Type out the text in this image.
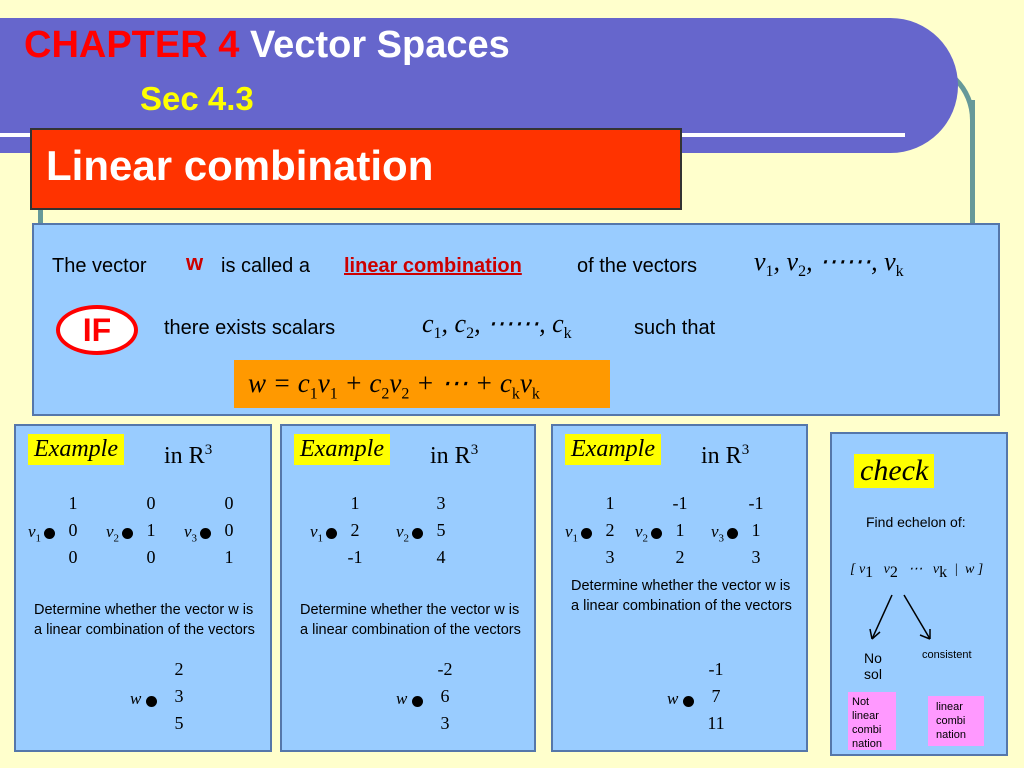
CHAPTER 4 Vector Spaces
Sec 4.3
Linear combination
The vector w is called a linear combination	of the vectors $v_1$, $v_2$, ⋯⋯, $v_k$
IF	there exists scalars	$c_1$, $c_2$, ⋯⋯, $c_k$	such that
$w = c_1v_1 + c_2v_2$ + ⋯ + $c_kv_k$
Example in $R^3$
$v_1$
1
0
0
$v_2$
0
1
0
$v_3$
0
0
1
Determine whether the vector w is a linear combination of the vectors
w
2
3
5
Example in $R^3$
$v_1$
1
2
-1
$v_2$
3
5
4
Determine whether the vector w is a linear combination of the vectors
w
-2
6
3
Example in $R^3$
$v_1$
1
2
3
$v_2$
-1
1
2
$v_3$
-1
1
3
Determine whether the vector w is a linear combination of the vectors
w
-1
7
11
check
Find echelon of:
[ $v_1$   $v_2$   ⋯   $v_k$  |  w ]
No sol
consistent
Not linear combi nation
linear combi nation
